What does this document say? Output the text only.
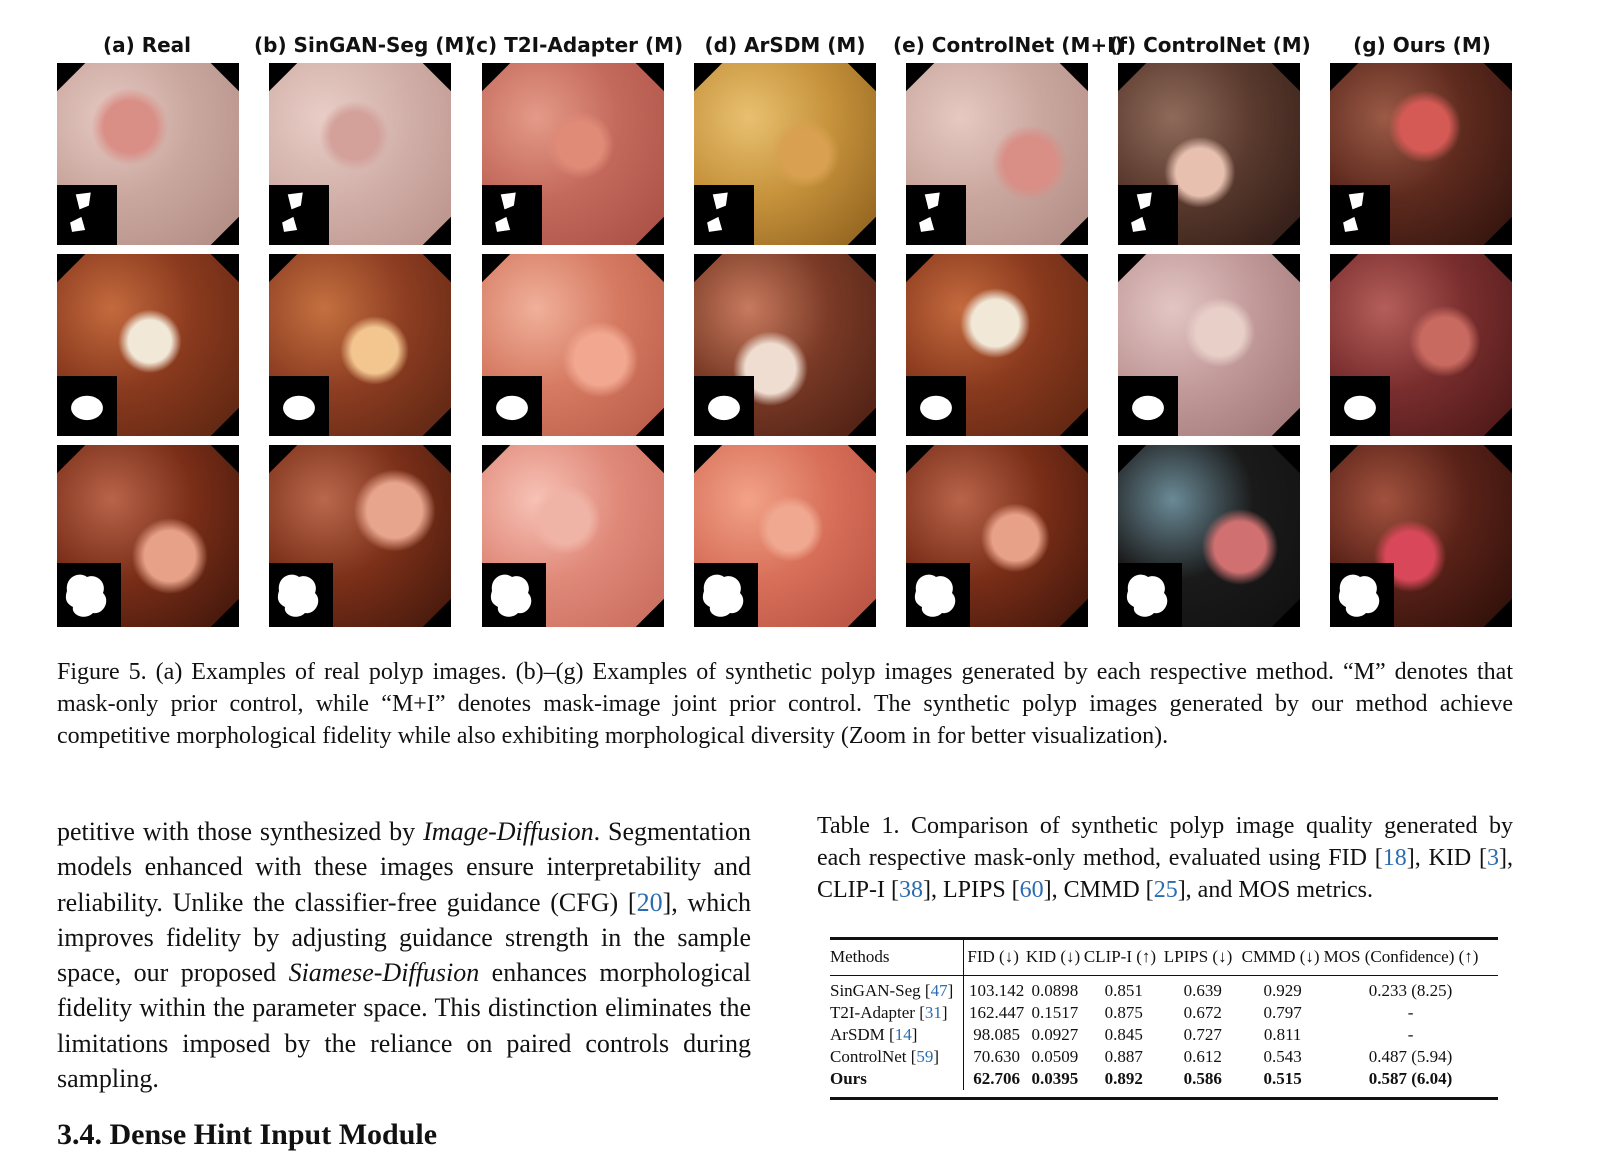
(a) Real	(b) SinGAN-Seg (M)
(c) T2I-Adapter (M)	(d) ArSDM (M)	(e) ControlNet (M+I)
(f) ControlNet (M)	(g) Ours (M)
Figure 5. (a) Examples of real polyp images. (b)–(g) Examples of synthetic polyp images generated by each respective method. “M” denotes that mask-only prior control, while “M+I” denotes mask-image joint prior control. The synthetic polyp images generated by our method achieve competitive morphological fidelity while also exhibiting morphological diversity (Zoom in for better visualization).
petitive with those synthesized by Image-Diffusion. Segmentation models enhanced with these images ensure interpretability and reliability. Unlike the classifier-free guidance (CFG) [20], which improves fidelity by adjusting guidance strength in the sample space, our proposed Siamese-Diffusion enhances morphological fidelity within the parameter space. This distinction eliminates the limitations imposed by the reliance on paired controls during sampling.
3.4. Dense Hint Input Module
Table 1. Comparison of synthetic polyp image quality generated by each respective mask-only method, evaluated using FID [18], KID [3], CLIP-I [38], LPIPS [60], CMMD [25], and MOS metrics.
Methods	FID (↓)	KID (↓)	CLIP-I (↑)	LPIPS (↓)	CMMD (↓)	MOS (Confidence) (↑)
SinGAN-Seg [47]	103.142	0.0898	0.851	0.639	0.929	0.233 (8.25)
T2I-Adapter [31]	162.447	0.1517	0.875	0.672	0.797	-
ArSDM [14]	98.085	0.0927	0.845	0.727	0.811	-
ControlNet [59]	70.630	0.0509	0.887	0.612	0.543	0.487 (5.94)
Ours	62.706	0.0395	0.892	0.586	0.515	0.587 (6.04)
